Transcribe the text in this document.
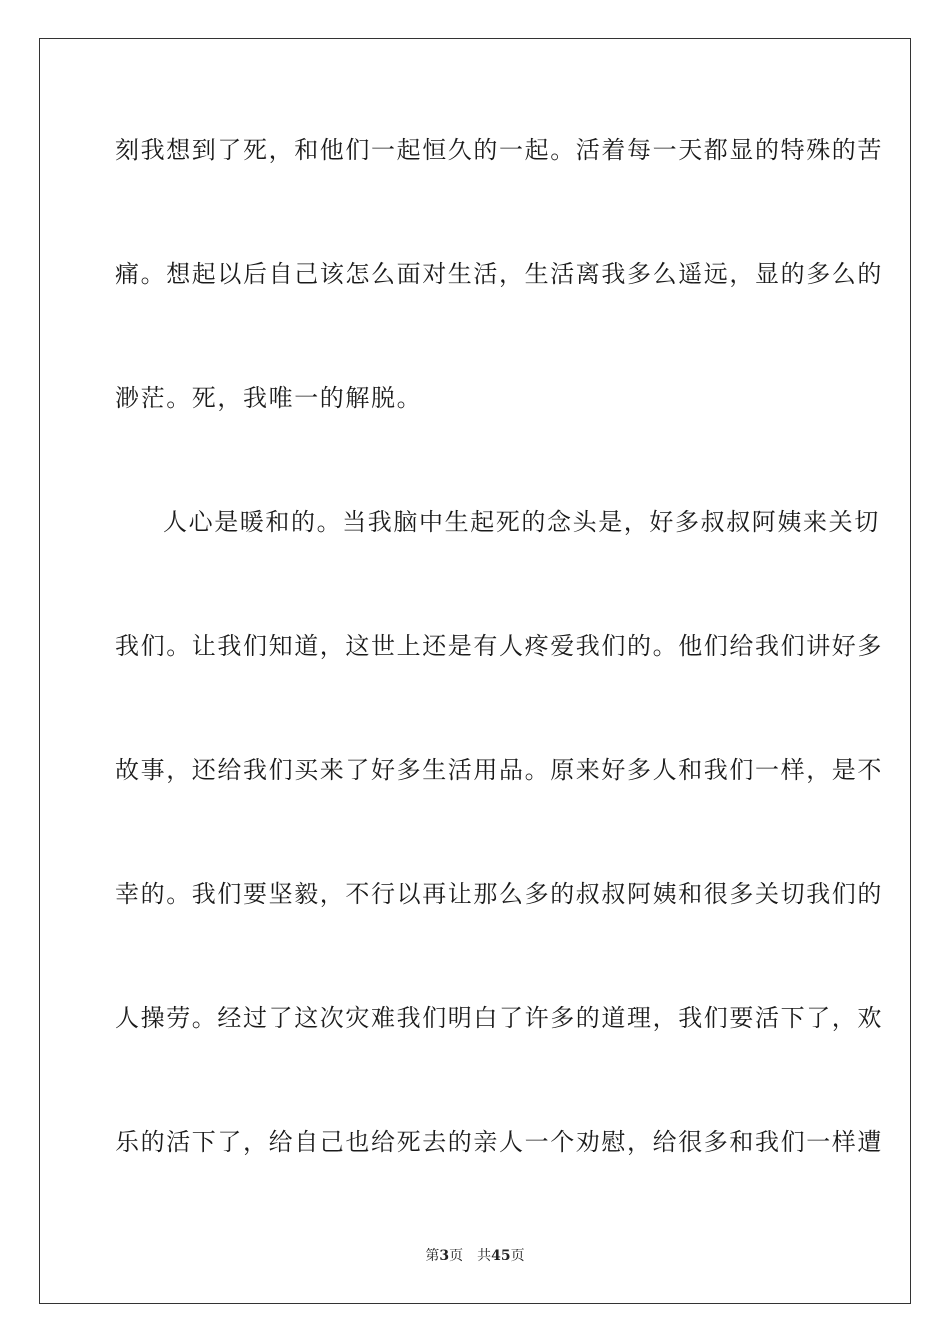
刻我想到了死，和他们一起恒久的一起。活着每一天都显的特殊的苦
痛。想起以后自己该怎么面对生活，生活离我多么遥远，显的多么的
渺茫。死，我唯一的解脱。
人心是暖和的。当我脑中生起死的念头是，好多叔叔阿姨来关切
我们。让我们知道，这世上还是有人疼爱我们的。他们给我们讲好多
故事，还给我们买来了好多生活用品。原来好多人和我们一样，是不
幸的。我们要坚毅，不行以再让那么多的叔叔阿姨和很多关切我们的
人操劳。经过了这次灾难我们明白了许多的道理，我们要活下了，欢
乐的活下了，给自己也给死去的亲人一个劝慰，给很多和我们一样遭
第3页 共45页
